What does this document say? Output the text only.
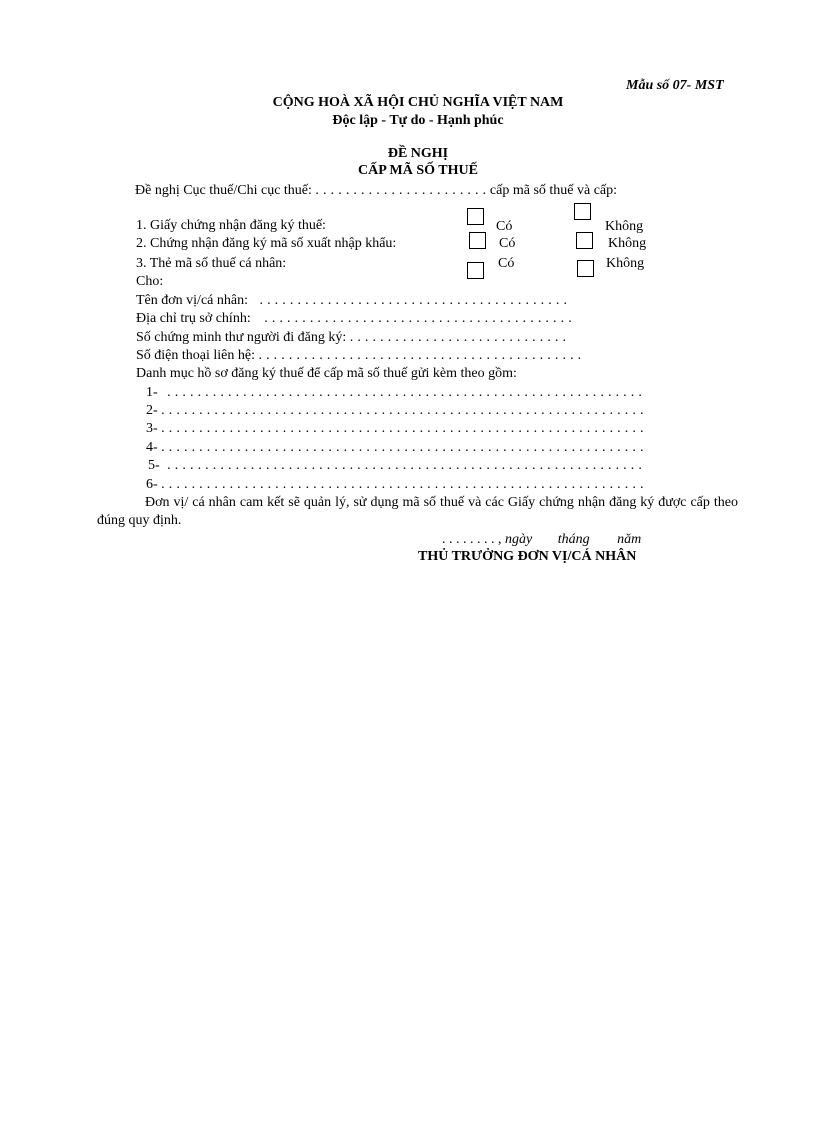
Mẫu số 07- MST
CỘNG HOÀ XÃ HỘI CHỦ NGHĨA VIỆT NAM
Độc lập - Tự do - Hạnh phúc
ĐỀ NGHỊ
CẤP MÃ SỐ THUẾ
Đề nghị Cục thuế/Chi cục thuế: . . . . . . . . . . . . . . . . . . . . . . . cấp mã số thuế và cấp:
1. Giấy chứng nhận đăng ký thuế:	Có	Không
2. Chứng nhận đăng ký mã số xuất nhập khẩu:	Có	Không
3. Thẻ mã số thuế cá nhân:	Có	Không
Cho:
Tên đơn vị/cá nhân: . . . . . . . . . . . . . . . . . . . . . . . . . . . . . . . . . . . . . . . . .
Địa chỉ trụ sở chính: . . . . . . . . . . . . . . . . . . . . . . . . . . . . . . . . . . . . . . . . .
Số chứng minh thư người đi đăng ký: . . . . . . . . . . . . . . . . . . . . . . . . . . . . .
Số điện thoại liên hệ: . . . . . . . . . . . . . . . . . . . . . . . . . . . . . . . . . . . . . . . . . . .
Danh mục hồ sơ đăng ký thuế để cấp mã số thuế gửi kèm theo gồm:
1- . . . . . . . . . . . . . . . . . . . . . . . . . . . . . . . . . . . . . . . . . . . . . . . . . . . . . . . . . . . . . . .
2- . . . . . . . . . . . . . . . . . . . . . . . . . . . . . . . . . . . . . . . . . . . . . . . . . . . . . . . . . . . . . . . .
3- . . . . . . . . . . . . . . . . . . . . . . . . . . . . . . . . . . . . . . . . . . . . . . . . . . . . . . . . . . . . . . . .
4- . . . . . . . . . . . . . . . . . . . . . . . . . . . . . . . . . . . . . . . . . . . . . . . . . . . . . . . . . . . . . . . .
5- . . . . . . . . . . . . . . . . . . . . . . . . . . . . . . . . . . . . . . . . . . . . . . . . . . . . . . . . . . . . . . .
6- . . . . . . . . . . . . . . . . . . . . . . . . . . . . . . . . . . . . . . . . . . . . . . . . . . . . . . . . . . . . . . . .
Đơn vị/ cá nhân cam kết sẽ quản lý, sử dụng mã số thuế và các Giấy chứng nhận đăng ký được cấp theo đúng quy định.
. . . . . . . . , ngày tháng năm
THỦ TRƯỞNG ĐƠN VỊ/CÁ NHÂN
